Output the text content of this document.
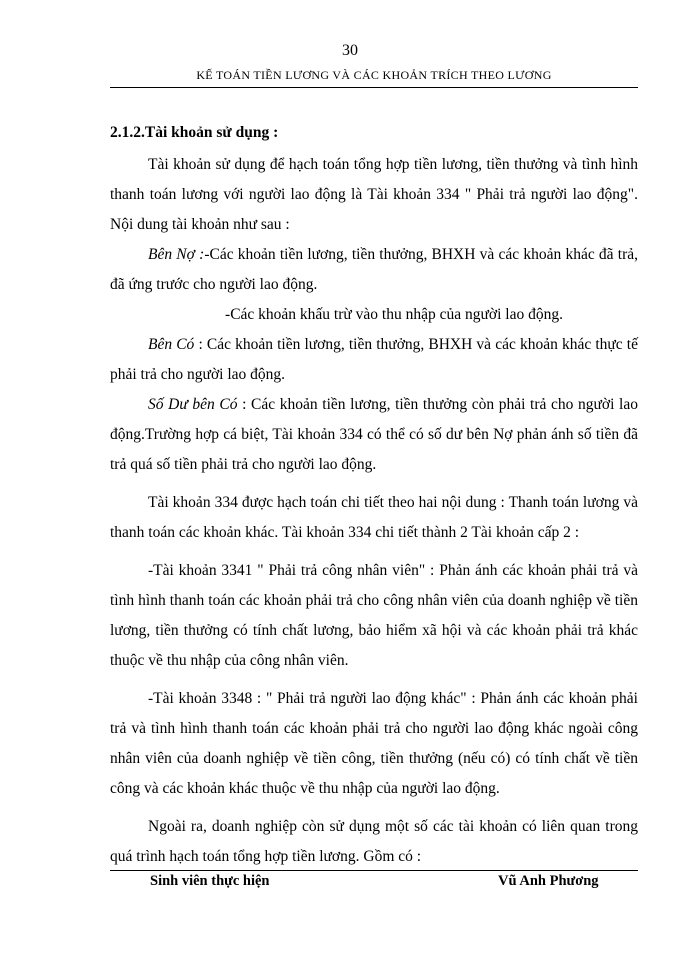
30
KẾ TOÁN TIỀN LƯƠNG VÀ CÁC KHOẢN TRÍCH THEO LƯƠNG

2.1.2.Tài khoản sử dụng :

Tài khoản sử dụng để hạch toán tổng hợp tiền lương, tiền thưởng và tình hình thanh toán lương với người lao động là Tài khoản 334 " Phải trả người lao động". Nội dung tài khoản như sau :

Bên Nợ :-Các khoản tiền lương, tiền thưởng, BHXH và các khoản khác đã trả, đã ứng trước cho người lao động.

-Các khoản khấu trừ vào thu nhập của người lao động.

Bên Có : Các khoản tiền lương, tiền thưởng, BHXH và các khoản khác thực tế phải trả cho người lao động.

Số Dư bên Có : Các khoản tiền lương, tiền thưởng còn phải trả cho người lao động.Trường hợp cá biệt, Tài khoản 334 có thể có số dư bên Nợ phản ánh số tiền đã trả quá số tiền phải trả cho người lao động.

Tài khoản 334 được hạch toán chi tiết theo hai nội dung : Thanh toán lương và thanh toán các khoản khác. Tài khoản 334 chi tiết thành 2 Tài khoản cấp 2 :

-Tài khoản 3341 " Phải trả công nhân viên" : Phản ánh các khoản phải trả và tình hình thanh toán các khoản phải trả cho công nhân viên của doanh nghiệp về tiền lương, tiền thưởng có tính chất lương, bảo hiểm xã hội và các khoản phải trả khác thuộc về thu nhập của công nhân viên.

-Tài khoản 3348 : " Phải trả người lao động khác" : Phản ánh các khoản phải trả và tình hình thanh toán các khoản phải trả cho người lao động khác ngoài công nhân viên của doanh nghiệp về tiền công, tiền thưởng (nếu có) có tính chất về tiền công và các khoản khác thuộc về thu nhập của người lao động.

Ngoài ra, doanh nghiệp còn sử dụng một số các tài khoản có liên quan trong quá trình hạch toán tổng hợp tiền lương. Gồm có :

Sinh viên thực hiện	Vũ Anh Phương
